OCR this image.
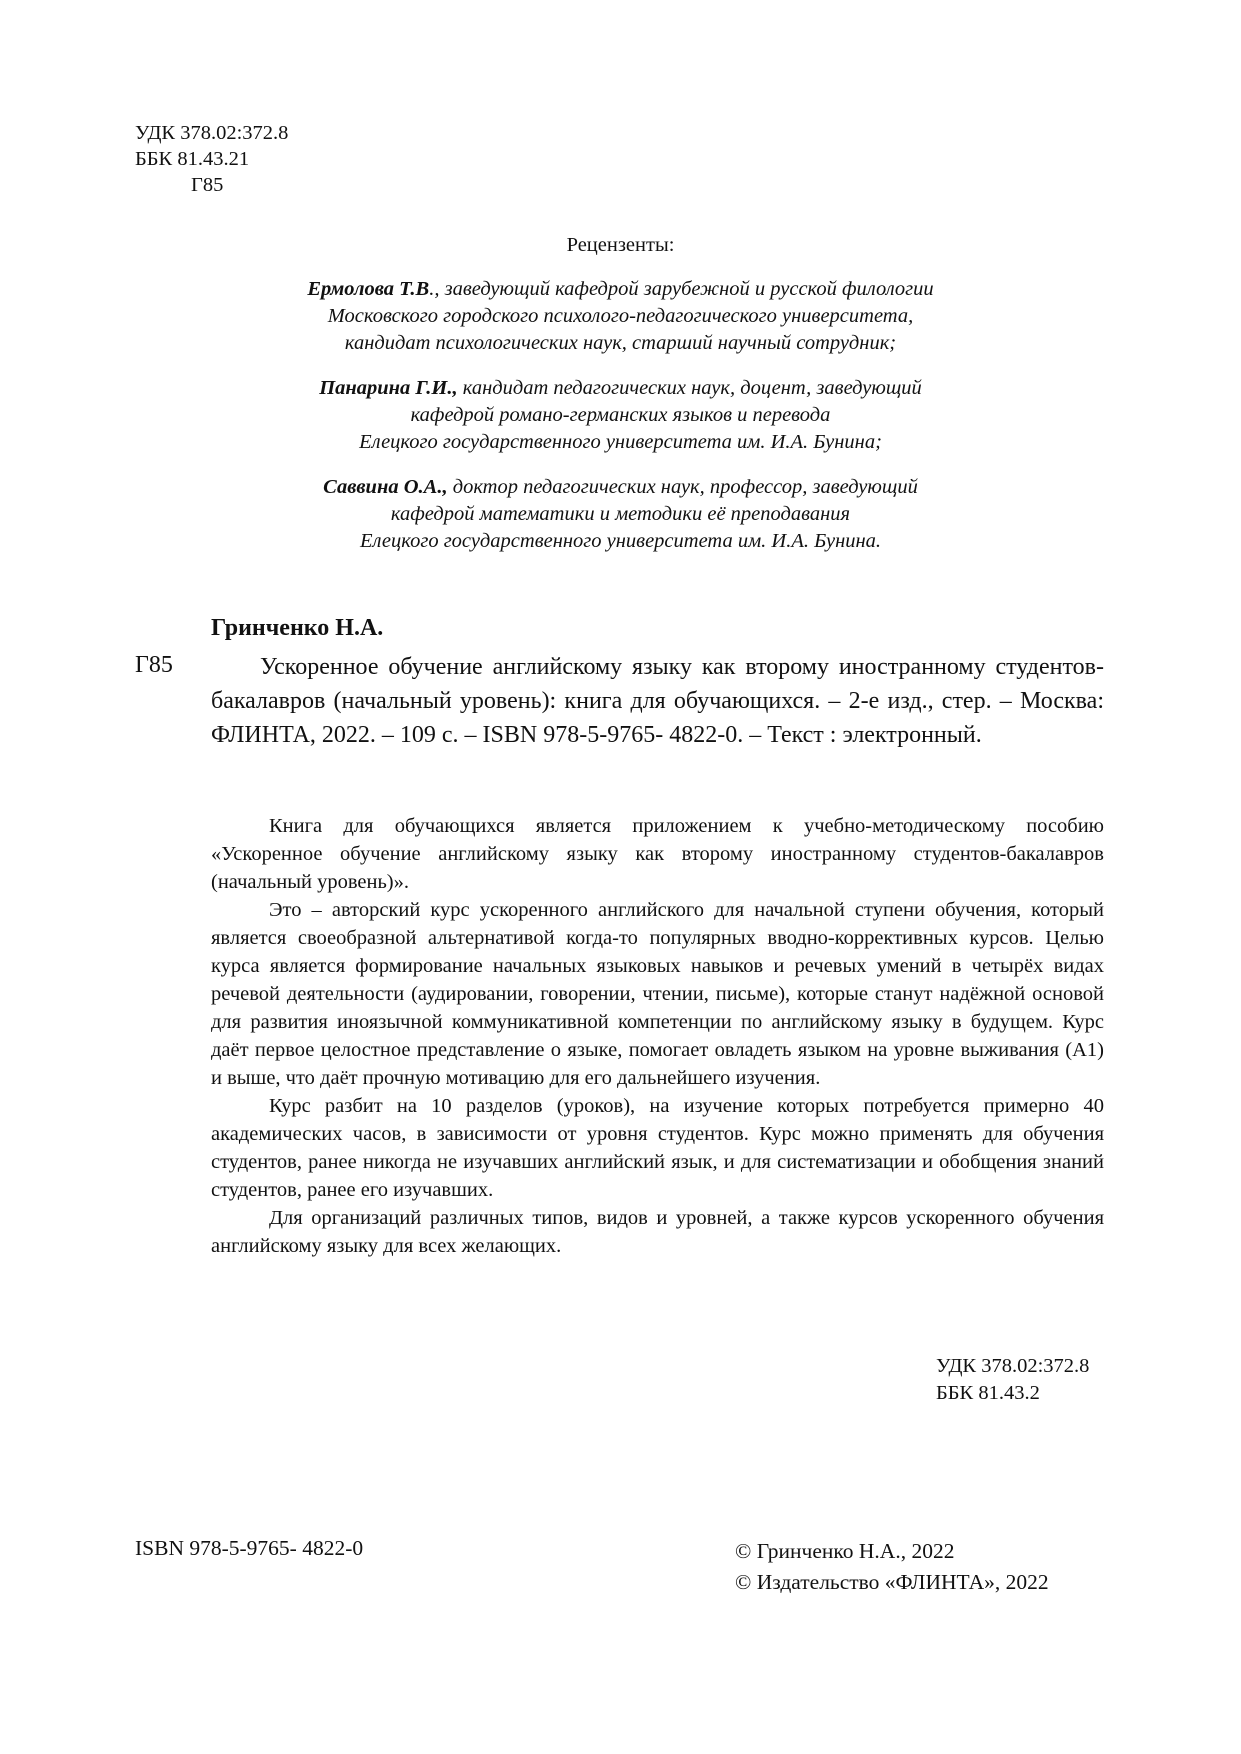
УДК 378.02:372.8
ББК 81.43.21
Г85
Рецензенты:
Ермолова Т.В., заведующий кафедрой зарубежной и русской филологии
Московского городского психолого-педагогического университета,
кандидат психологических наук, старший научный сотрудник;
Панарина Г.И., кандидат педагогических наук, доцент, заведующий
кафедрой романо-германских языков и перевода
Елецкого государственного университета им. И.А. Бунина;
Саввина О.А., доктор педагогических наук, профессор, заведующий
кафедрой математики и методики её преподавания
Елецкого государственного университета им. И.А. Бунина.
Гринченко Н.А.
Г85	Ускоренное обучение английскому языку как второму иностранному студентов-бакалавров (начальный уровень): книга для обучающихся. – 2-е изд., стер. – Москва: ФЛИНТА, 2022. – 109 с. – ISBN 978-5-9765- 4822-0. – Текст : электронный.

Книга для обучающихся является приложением к учебно-методическому пособию «Ускоренное обучение английскому языку как второму иностранному студентов-бакалавров (начальный уровень)».

Это – авторский курс ускоренного английского для начальной ступени обучения, который является своеобразной альтернативой когда-то популярных вводно-коррективных курсов. Целью курса является формирование начальных языковых навыков и речевых умений в четырёх видах речевой деятельности (аудировании, говорении, чтении, письме), которые станут надёжной основой для развития иноязычной коммуникативной компетенции по английскому языку в будущем. Курс даёт первое целостное представление о языке, помогает овладеть языком на уровне выживания (А1) и выше, что даёт прочную мотивацию для его дальнейшего изучения.

Курс разбит на 10 разделов (уроков), на изучение которых потребуется примерно 40 академических часов, в зависимости от уровня студентов. Курс можно применять для обучения студентов, ранее никогда не изучавших английский язык, и для систематизации и обобщения знаний студентов, ранее его изучавших.

Для организаций различных типов, видов и уровней, а также курсов ускоренного обучения английскому языку для всех желающих.

УДК 378.02:372.8
ББК 81.43.2
ISBN 978-5-9765- 4822-0	© Гринченко Н.А., 2022
© Издательство «ФЛИНТА», 2022
